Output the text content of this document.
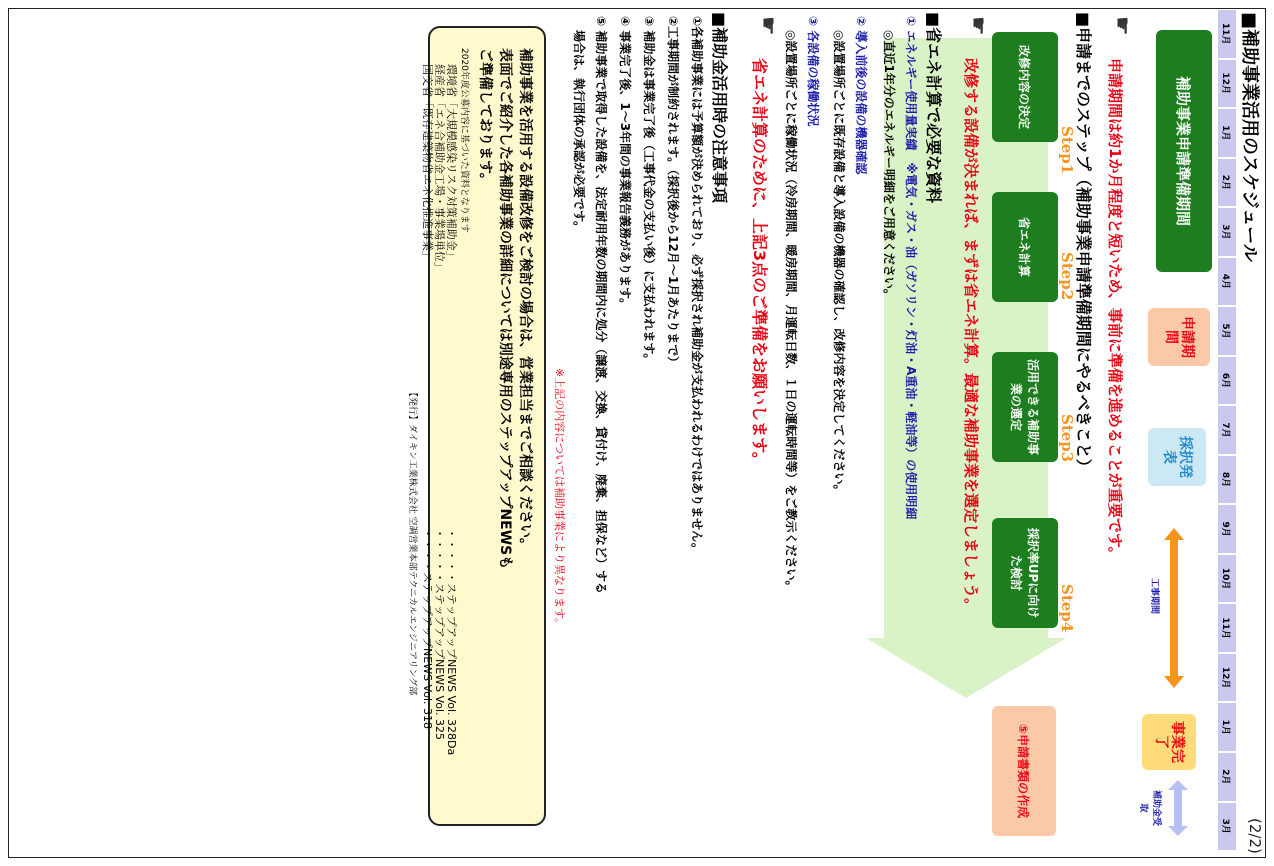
■補助事業活用のスケジュール
(2/2)
11月
12月
1月
2月
3月
4月
5月
6月
7月
8月
9月
10月
11月
12月
1月
2月
3月
補助事業申請準備期間
申請期間
採択発表
工事期間
事業完了
補助金受取
☛
申請期間は約1か月程度と短いため、事前に準備を進めることが重要です。
■申請までのステップ（補助事業申請準備期間にやるべきこと）
Step1
改修内容の決定
Step2
省エネ計算
Step3
活用できる補助事業の選定
Step4
採択率UPに向けた検討
⑤申請書類の作成
☛
改修する設備が決まれば、まずは省エネ計算。最適な補助事業を選定しましょう。
■省エネ計算で必要な資料
① エネルギー使用量実績　※電気・ガス・油（ガソリン・灯油・A重油・軽油等）の使用明細
◎直近1年分のエネルギー明細をご用意ください。
② 導入前後の設備の機器確認
◎設置場所ごとに既存設備と導入設備の機器の確認し、改修内容を決定してください。
③ 各設備の稼働状況
◎設置場所ごとに稼働状況（冷房期間、暖房期間、月運転日数、１日の運転時間等）をご教示ください。
☛
省エネ計算のために、上記3点のご準備をお願いします。
■補助金活用時の注意事項
①各補助事業には予算額が決められており、必ず採択され補助金が支払われるわけではありません。
②工事期間が制約されます。（採択後から12月～1月あたりまで）
③ 補助金は事業完了後（工事代金の支払い後）に支払われます。
④ 事業完了後、1～3年間の事業報告義務があります。
⑤ 補助事業で取得した設備を、法定耐用年数の期間内に処分（譲渡、交換、貸付け、廃棄、担保など）する
場合は、執行団体の承認が必要です。
※上記の内容については補助事業により異なります。
補助事業を活用する設備改修をご検討の場合は、営業担当までご相談ください。
表面でご紹介した各補助事業の詳細については別途専用のステップアップNEWSも
ご準備しております。
2020年度公募内容に基づいた資料となります
環境省「大規模感染リスク対策補助金」
・・・・・ステップアップNEWS Vol. 328Da
経産省「エネ合補助金工場・事業場単位」
・・・・・ステップアップNEWS Vol. 325
国交省「既存建築物省エネ化推進事業」
・・・・ステップアップNEWS Vol. 318
【発行】ダイキン工業株式会社 空調営業本部テクニカルエンジニアリング部
